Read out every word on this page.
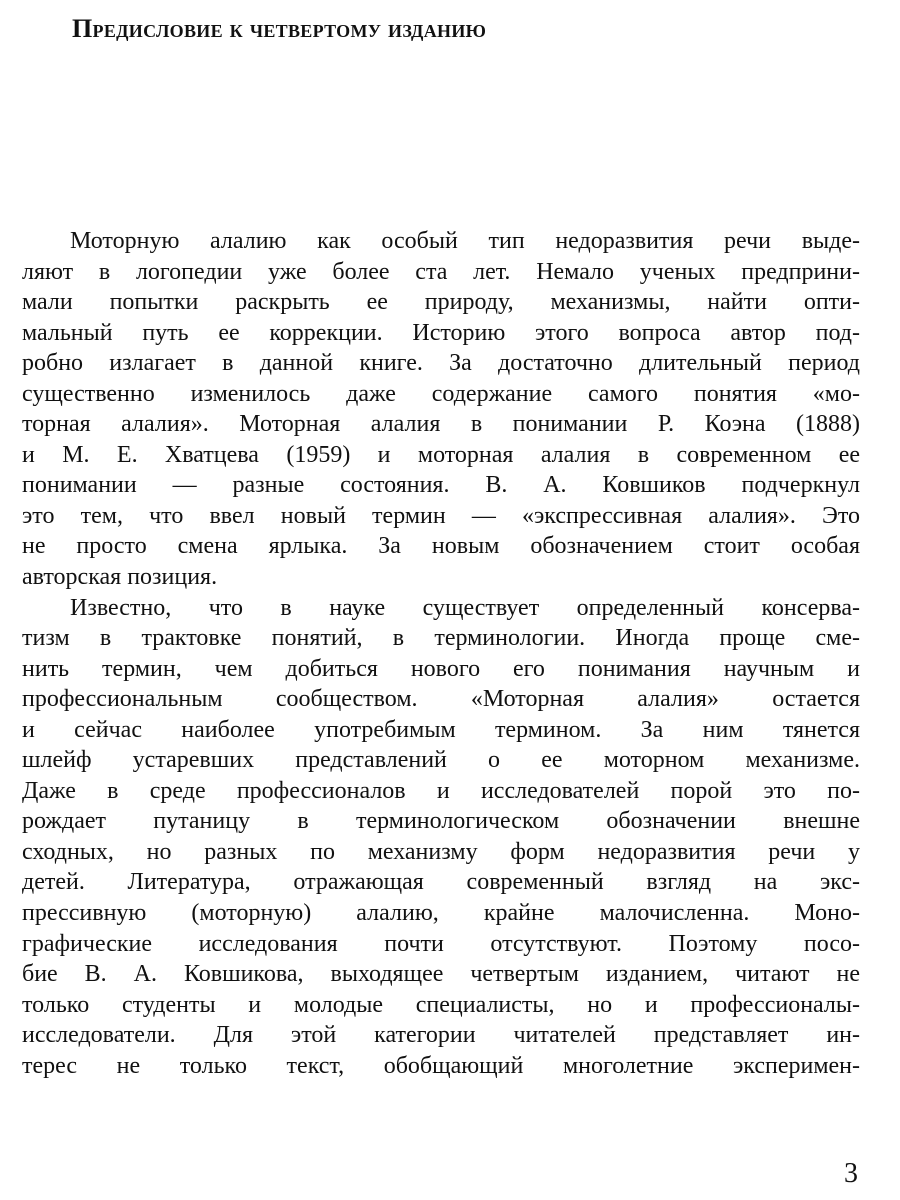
Предисловие к четвертому изданию
Моторную алалию как особый тип недоразвития речи выде-
ляют в логопедии уже более ста лет. Немало ученых предприни-
мали попытки раскрыть ее природу, механизмы, найти опти-
мальный путь ее коррекции. Историю этого вопроса автор под-
робно излагает в данной книге. За достаточно длительный период
существенно изменилось даже содержание самого понятия «мо-
торная алалия». Моторная алалия в понимании Р. Коэна (1888)
и М. Е. Хватцева (1959) и моторная алалия в современном ее
понимании — разные состояния. В. А. Ковшиков подчеркнул
это тем, что ввел новый термин — «экспрессивная алалия». Это
не просто смена ярлыка. За новым обозначением стоит особая
авторская позиция.
Известно, что в науке существует определенный консерва-
тизм в трактовке понятий, в терминологии. Иногда проще сме-
нить термин, чем добиться нового его понимания научным и
профессиональным сообществом. «Моторная алалия» остается
и сейчас наиболее употребимым термином. За ним тянется
шлейф устаревших представлений о ее моторном механизме.
Даже в среде профессионалов и исследователей порой это по-
рождает путаницу в терминологическом обозначении внешне
сходных, но разных по механизму форм недоразвития речи у
детей. Литература, отражающая современный взгляд на экс-
прессивную (моторную) алалию, крайне малочисленна. Моно-
графические исследования почти отсутствуют. Поэтому посо-
бие В. А. Ковшикова, выходящее четвертым изданием, читают не
только студенты и молодые специалисты, но и профессионалы-
исследователи. Для этой категории читателей представляет ин-
терес не только текст, обобщающий многолетние эксперимен-
3
